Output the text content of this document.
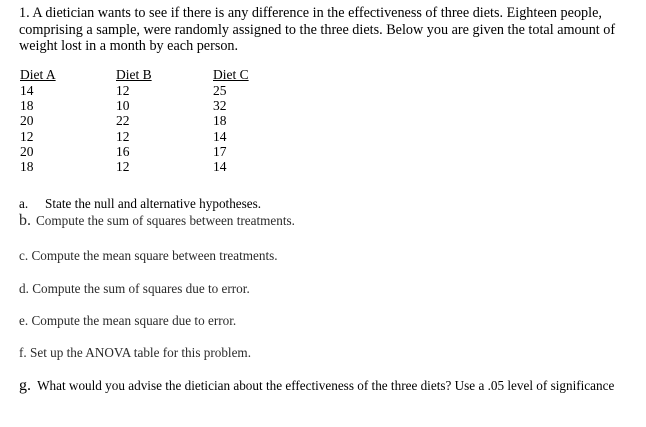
1. A dietician wants to see if there is any difference in the effectiveness of three diets. Eighteen people, comprising a sample, were randomly assigned to the three diets. Below you are given the total amount of weight lost in a month by each person.

Diet A
14
18
20
12
20
18
Diet B
12
10
22
12
16
12
Diet C
25
32
18
14
17
14
a. State the null and alternative hypotheses.
b. Compute the sum of squares between treatments.
c. Compute the mean square between treatments.
d. Compute the sum of squares due to error.
e. Compute the mean square due to error.
f. Set up the ANOVA table for this problem.
g. What would you advise the dietician about the effectiveness of the three diets? Use a .05 level of significance
